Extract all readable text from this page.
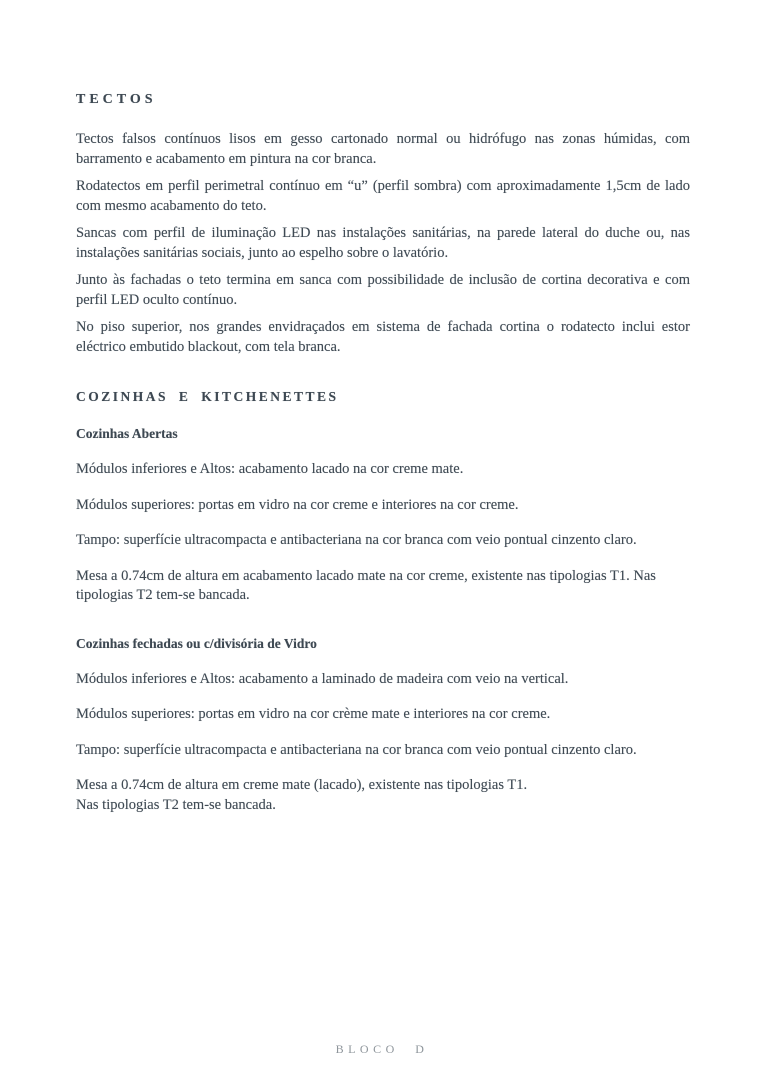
TECTOS

Tectos falsos contínuos lisos em gesso cartonado normal ou hidrófugo nas zonas húmidas, com barramento e acabamento em pintura na cor branca.

Rodatectos em perfil perimetral contínuo em “u” (perfil sombra) com aproximadamente 1,5cm de lado com mesmo acabamento do teto.

Sancas com perfil de iluminação LED nas instalações sanitárias, na parede lateral do duche ou, nas instalações sanitárias sociais, junto ao espelho sobre o lavatório.

Junto às fachadas o teto termina em sanca com possibilidade de inclusão de cortina decorativa e com perfil LED oculto contínuo.

No piso superior, nos grandes envidraçados em sistema de fachada cortina o rodatecto inclui estor eléctrico embutido blackout, com tela branca.

COZINHAS E KITCHENETTES
Cozinhas Abertas

Módulos inferiores e Altos: acabamento lacado na cor creme mate.

Módulos superiores: portas em vidro na cor creme e interiores na cor creme.

Tampo: superfície ultracompacta e antibacteriana na cor branca com veio pontual cinzento claro.

Mesa a 0.74cm de altura em acabamento lacado mate na cor creme, existente nas tipologias T1. Nas tipologias T2 tem-se bancada.

Cozinhas fechadas ou c/divisória de Vidro

Módulos inferiores e Altos: acabamento a laminado de madeira com veio na vertical.

Módulos superiores: portas em vidro na cor crème mate e interiores na cor creme.

Tampo: superfície ultracompacta e antibacteriana na cor branca com veio pontual cinzento claro.

Mesa a 0.74cm de altura em creme mate (lacado), existente nas tipologias T1.
Nas tipologias T2 tem-se bancada.

BLOCO D
